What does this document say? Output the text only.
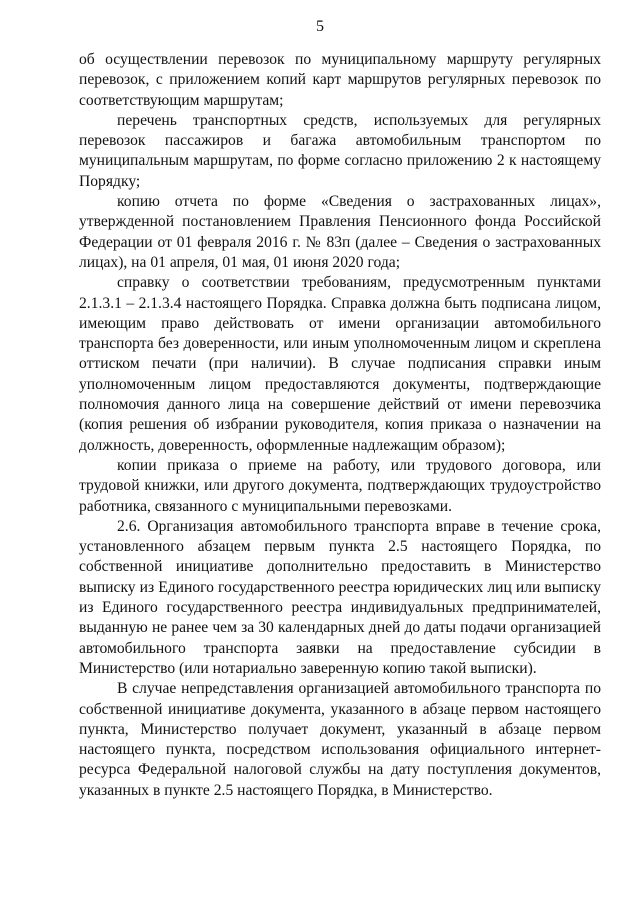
5

об осуществлении перевозок по муниципальному маршруту регулярных перевозок, с приложением копий карт маршрутов регулярных перевозок по соответствующим маршрутам;

перечень транспортных средств, используемых для регулярных перевозок пассажиров и багажа автомобильным транспортом по муниципальным маршрутам, по форме согласно приложению 2 к настоящему Порядку;

копию отчета по форме «Сведения о застрахованных лицах», утвержденной постановлением Правления Пенсионного фонда Российской Федерации от 01 февраля 2016 г. № 83п (далее – Сведения о застрахованных лицах), на 01 апреля, 01 мая, 01 июня 2020 года;

справку о соответствии требованиям, предусмотренным пунктами 2.1.3.1 – 2.1.3.4 настоящего Порядка. Справка должна быть подписана лицом, имеющим право действовать от имени организации автомобильного транспорта без доверенности, или иным уполномоченным лицом и скреплена оттиском печати (при наличии). В случае подписания справки иным уполномоченным лицом предоставляются документы, подтверждающие полномочия данного лица на совершение действий от имени перевозчика (копия решения об избрании руководителя, копия приказа о назначении на должность, доверенность, оформленные надлежащим образом);

копии приказа о приеме на работу, или трудового договора, или трудовой книжки, или другого документа, подтверждающих трудоустройство работника, связанного с муниципальными перевозками.

2.6. Организация автомобильного транспорта вправе в течение срока, установленного абзацем первым пункта 2.5 настоящего Порядка, по собственной инициативе дополнительно предоставить в Министерство выписку из Единого государственного реестра юридических лиц или выписку из Единого государственного реестра индивидуальных предпринимателей, выданную не ранее чем за 30 календарных дней до даты подачи организацией автомобильного транспорта заявки на предоставление субсидии в Министерство (или нотариально заверенную копию такой выписки).

В случае непредставления организацией автомобильного транспорта по собственной инициативе документа, указанного в абзаце первом настоящего пункта, Министерство получает документ, указанный в абзаце первом настоящего пункта, посредством использования официального интернет-ресурса Федеральной налоговой службы на дату поступления документов, указанных в пункте 2.5 настоящего Порядка, в Министерство.
